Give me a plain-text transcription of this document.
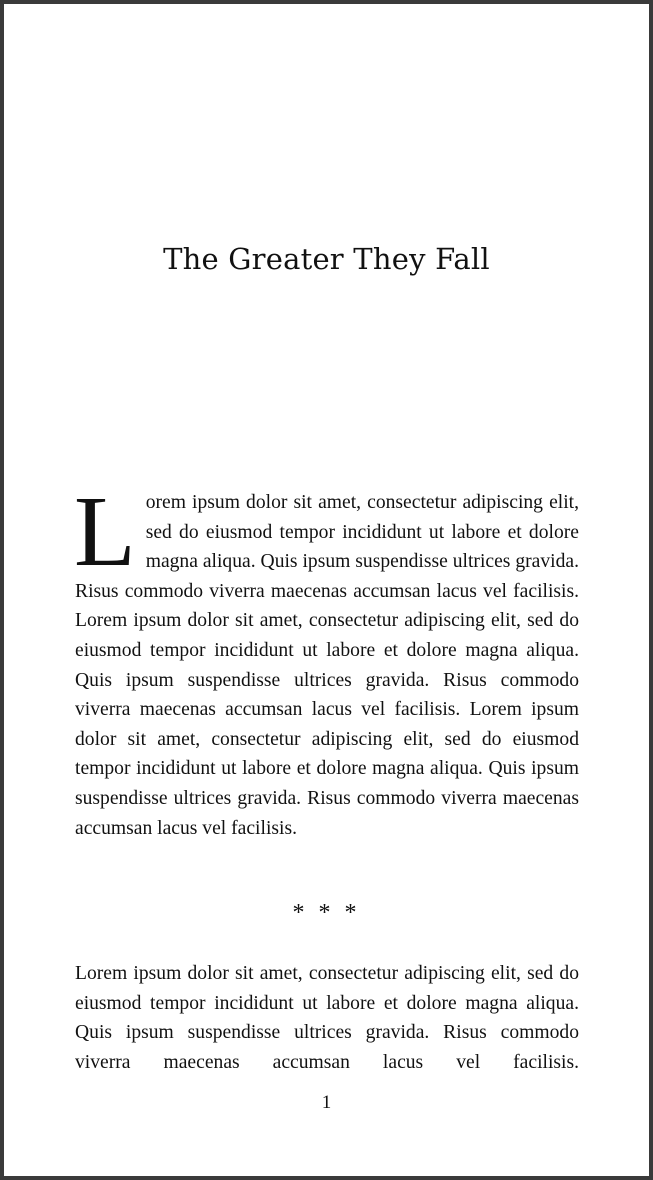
The Greater They Fall

Lorem ipsum dolor sit amet, consectetur adipiscing elit, sed do eiusmod tempor incididunt ut labore et dolore magna aliqua. Quis ipsum suspendisse ultrices gravida. Risus commodo viverra maecenas accumsan lacus vel facilisis. Lorem ipsum dolor sit amet, consectetur adipiscing elit, sed do eiusmod tempor incididunt ut labore et dolore magna aliqua. Quis ipsum suspendisse ultrices gravida. Risus commodo viverra maecenas accumsan lacus vel facilisis. Lorem ipsum dolor sit amet, consectetur adipiscing elit, sed do eiusmod tempor incididunt ut labore et dolore magna aliqua. Quis ipsum suspendisse ultrices gravida. Risus commodo viverra maecenas accumsan lacus vel facilisis.

* * *

Lorem ipsum dolor sit amet, consectetur adipiscing elit, sed do eiusmod tempor incididunt ut labore et dolore magna aliqua. Quis ipsum suspendisse ultrices gravida. Risus commodo viverra maecenas accumsan lacus vel facilisis.

1
